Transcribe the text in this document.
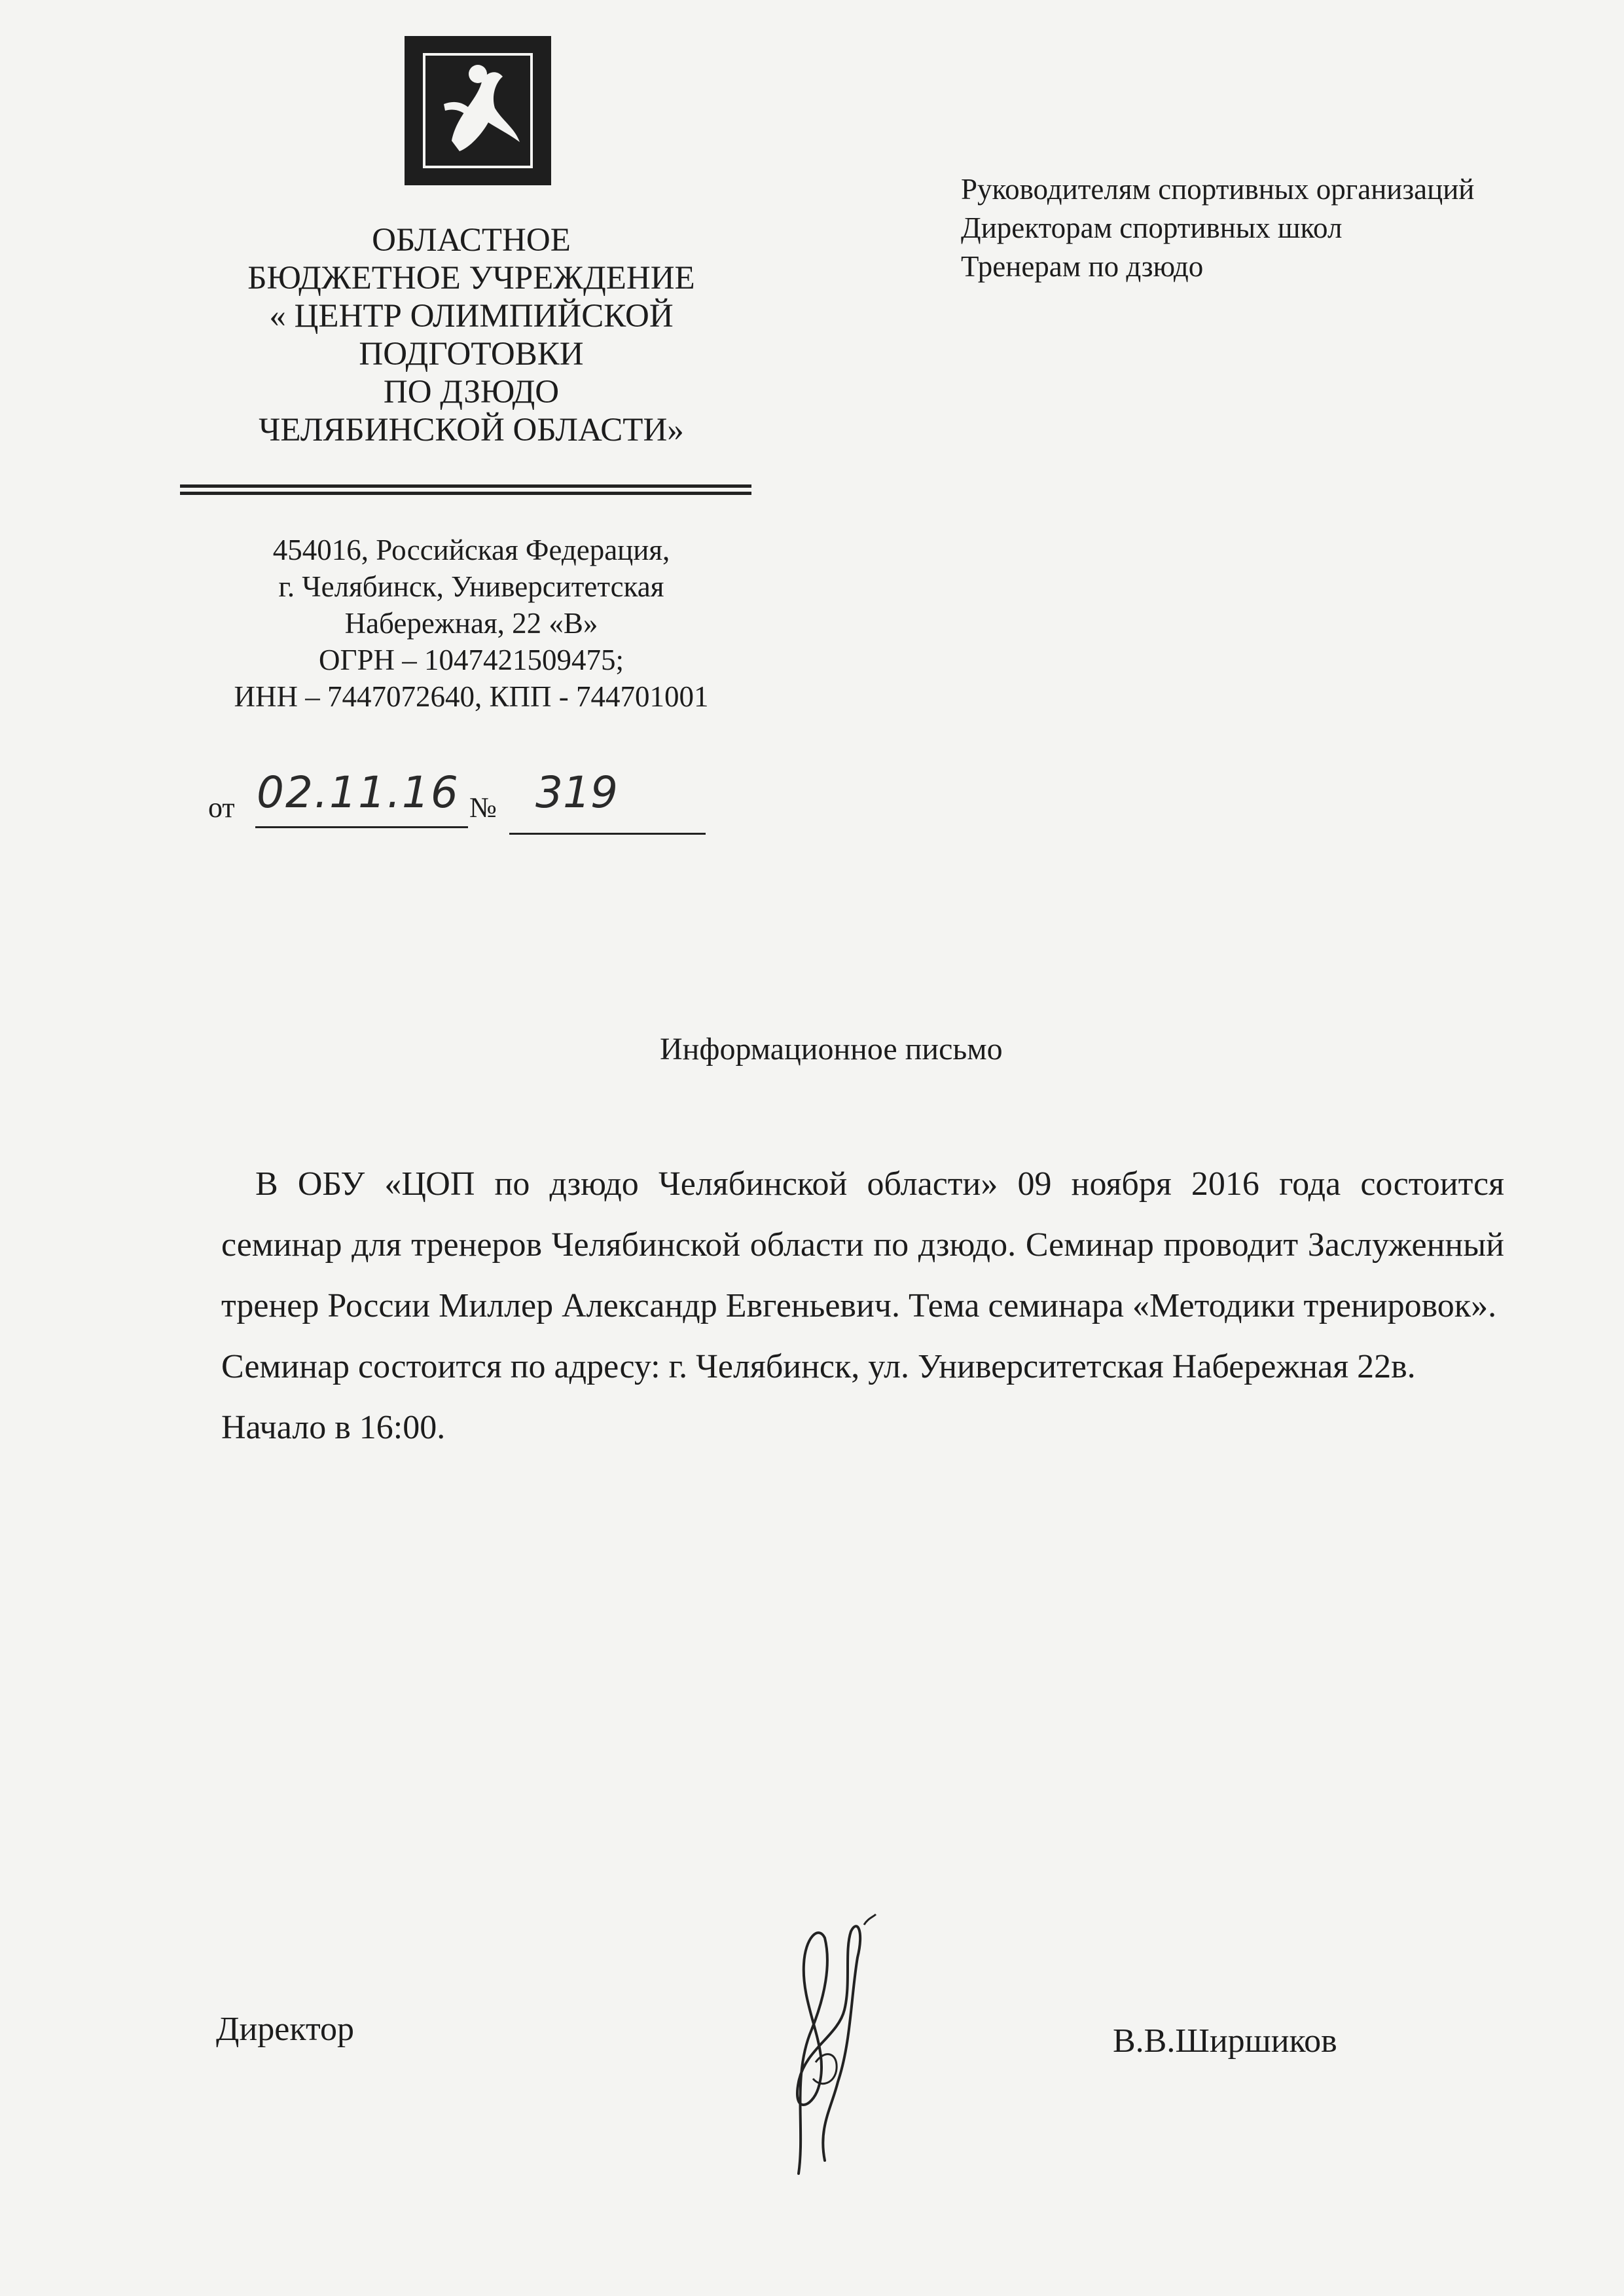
ОБЛАСТНОЕ
БЮДЖЕТНОЕ УЧРЕЖДЕНИЕ
« ЦЕНТР ОЛИМПИЙСКОЙ
ПОДГОТОВКИ
ПО ДЗЮДО
ЧЕЛЯБИНСКОЙ ОБЛАСТИ»
454016, Российская Федерация,
г. Челябинск, Университетская
Набережная, 22 «В»
ОГРН – 1047421509475;
ИНН – 7447072640, КПП - 744701001
от 02.11.16 № 319
Руководителям спортивных организаций
Директорам спортивных школ
Тренерам по дзюдо
Информационное письмо

В ОБУ «ЦОП по дзюдо Челябинской области» 09 ноября 2016 года состоится семинар для тренеров Челябинской области по дзюдо. Семинар проводит Заслуженный тренер России Миллер Александр Евгеньевич. Тема семинара «Методики тренировок».

Семинар состоится по адресу: г. Челябинск, ул. Университетская Набережная 22в.

Начало в 16:00.

Директор	В.В.Ширшиков
